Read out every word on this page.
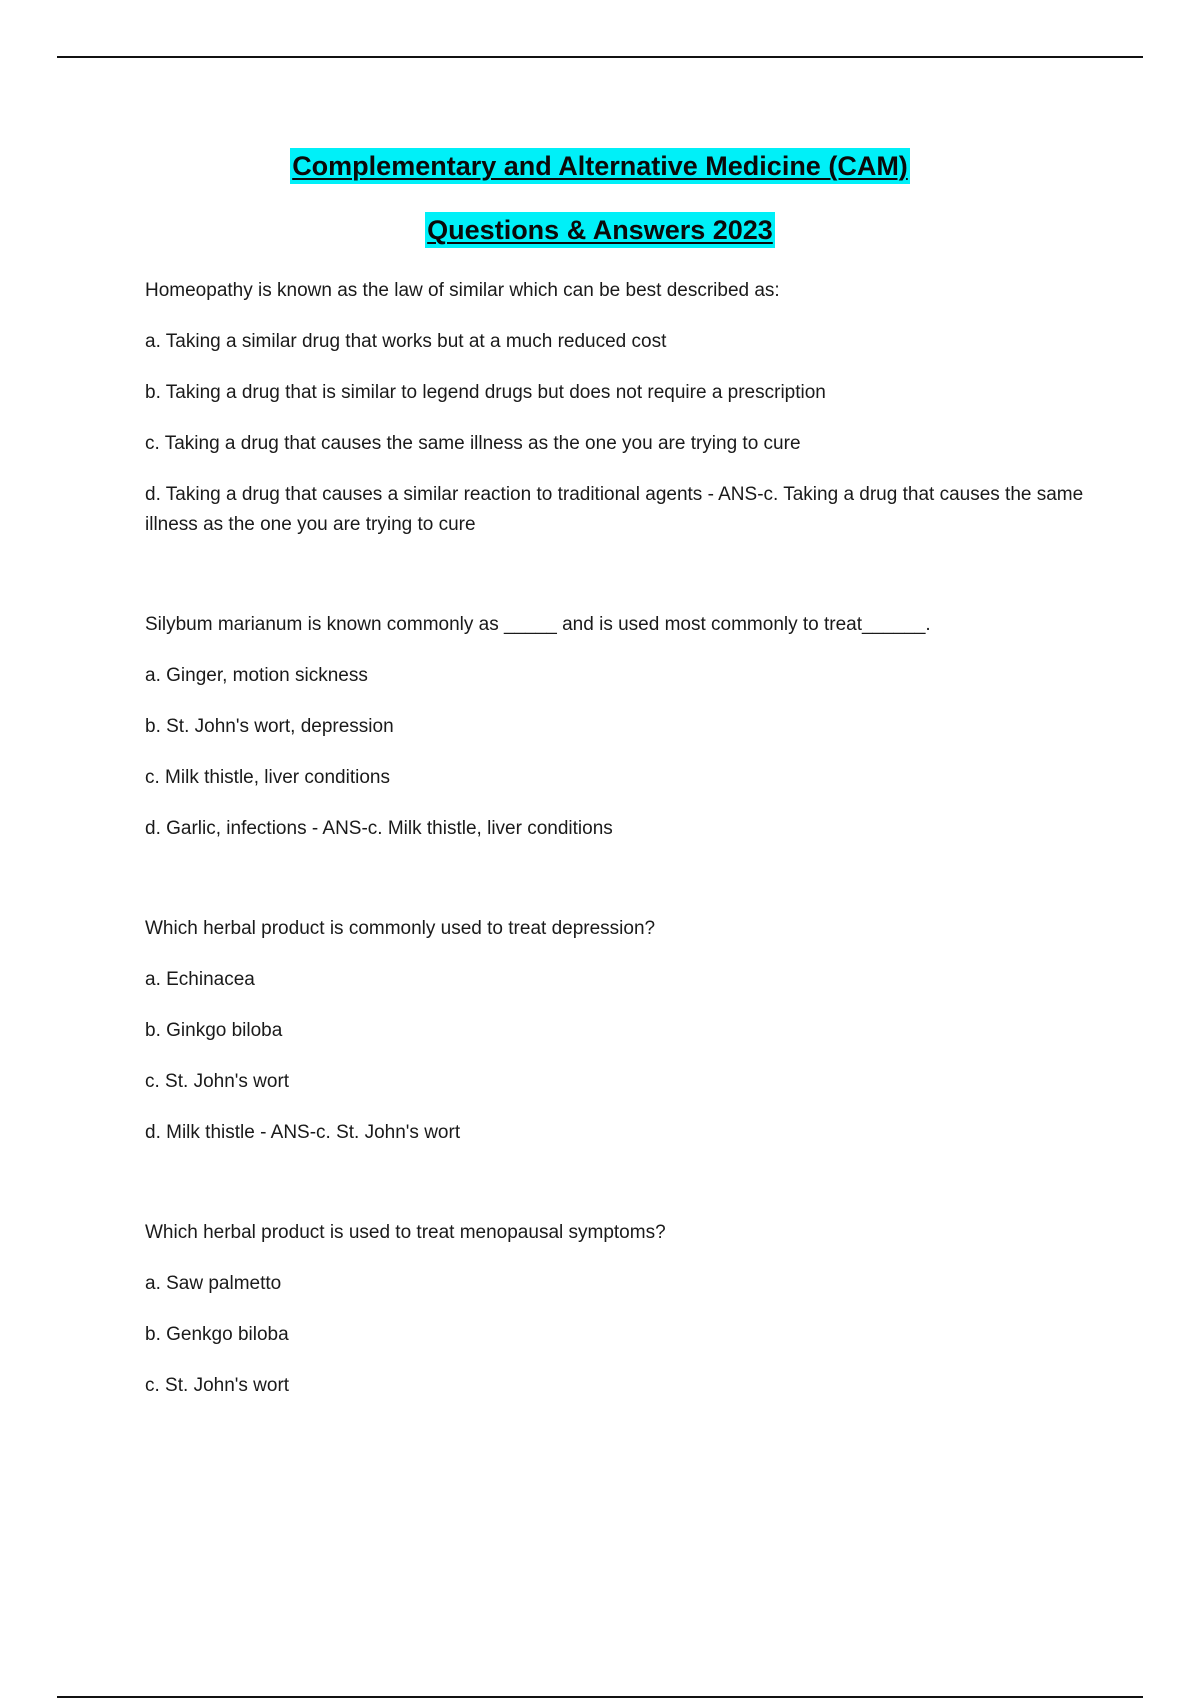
Complementary and Alternative Medicine (CAM)
Questions & Answers 2023

Homeopathy is known as the law of similar which can be best described as:

a. Taking a similar drug that works but at a much reduced cost

b. Taking a drug that is similar to legend drugs but does not require a prescription

c. Taking a drug that causes the same illness as the one you are trying to cure

d. Taking a drug that causes a similar reaction to traditional agents - ANS-c. Taking a drug that causes the same illness as the one you are trying to cure

Silybum marianum is known commonly as _____ and is used most commonly to treat______.

a. Ginger, motion sickness

b. St. John's wort, depression

c. Milk thistle, liver conditions

d. Garlic, infections - ANS-c. Milk thistle, liver conditions

Which herbal product is commonly used to treat depression?

a. Echinacea

b. Ginkgo biloba

c. St. John's wort

d. Milk thistle - ANS-c. St. John's wort

Which herbal product is used to treat menopausal symptoms?

a. Saw palmetto

b. Genkgo biloba

c. St. John's wort
